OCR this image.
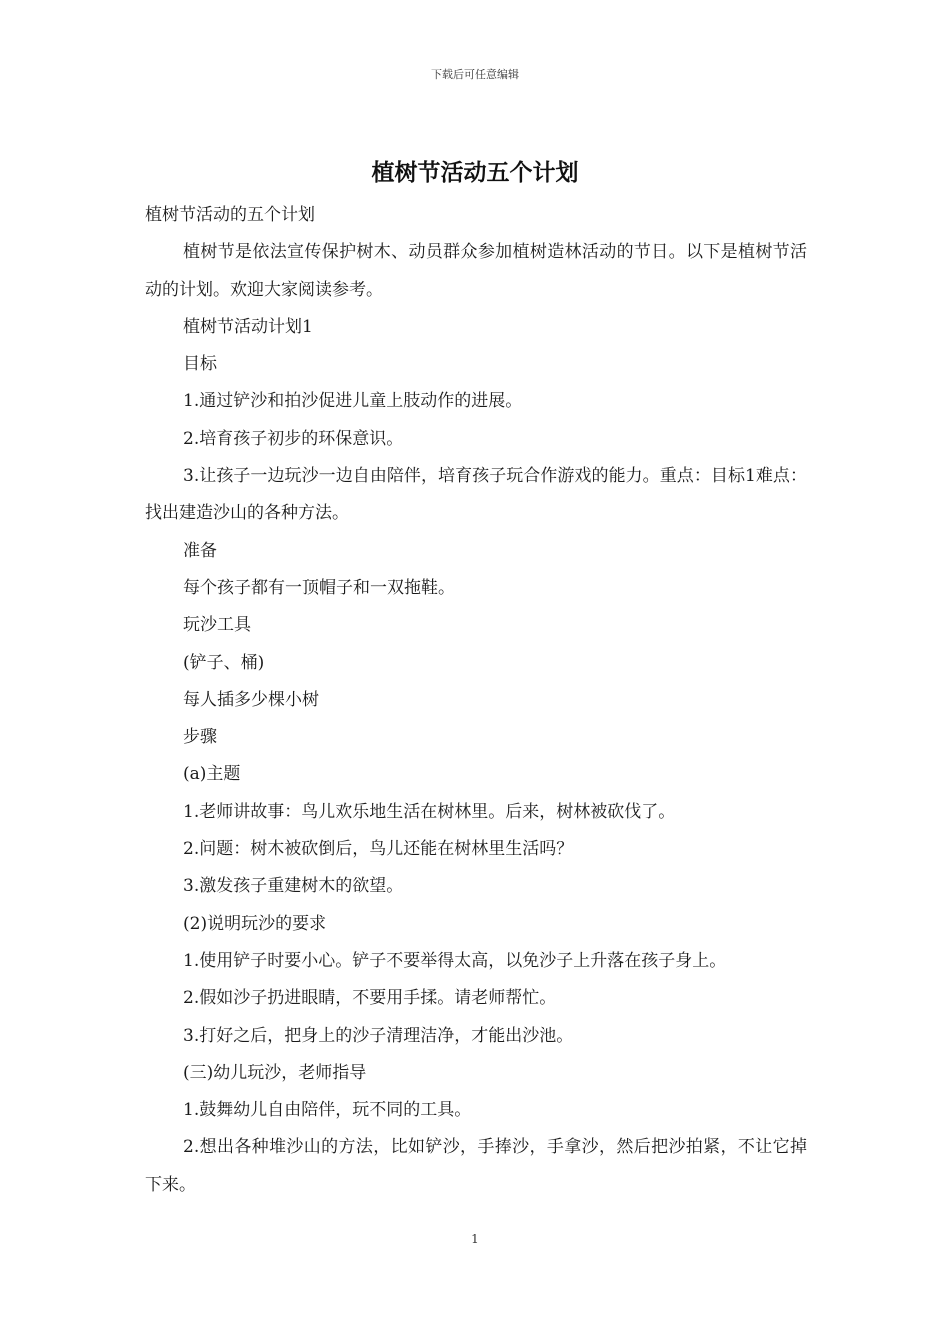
下载后可任意编辑
植树节活动五个计划

植树节活动的五个计划

植树节是依法宣传保护树木、动员群众参加植树造林活动的节日。以下是植树节活动的计划。欢迎大家阅读参考。

植树节活动计划1

目标

1.通过铲沙和拍沙促进儿童上肢动作的进展。

2.培育孩子初步的环保意识。

3.让孩子一边玩沙一边自由陪伴，培育孩子玩合作游戏的能力。重点：目标1难点：找出建造沙山的各种方法。

准备

每个孩子都有一顶帽子和一双拖鞋。

玩沙工具

(铲子、桶)

每人插多少棵小树

步骤

(a)主题

1.老师讲故事：鸟儿欢乐地生活在树林里。后来，树林被砍伐了。

2.问题：树木被砍倒后，鸟儿还能在树林里生活吗？

3.激发孩子重建树木的欲望。

(2)说明玩沙的要求

1.使用铲子时要小心。铲子不要举得太高，以免沙子上升落在孩子身上。

2.假如沙子扔进眼睛，不要用手揉。请老师帮忙。

3.打好之后，把身上的沙子清理洁净，才能出沙池。

(三)幼儿玩沙，老师指导

1.鼓舞幼儿自由陪伴，玩不同的工具。

2.想出各种堆沙山的方法，比如铲沙，手捧沙，手拿沙，然后把沙拍紧，不让它掉下来。

1
